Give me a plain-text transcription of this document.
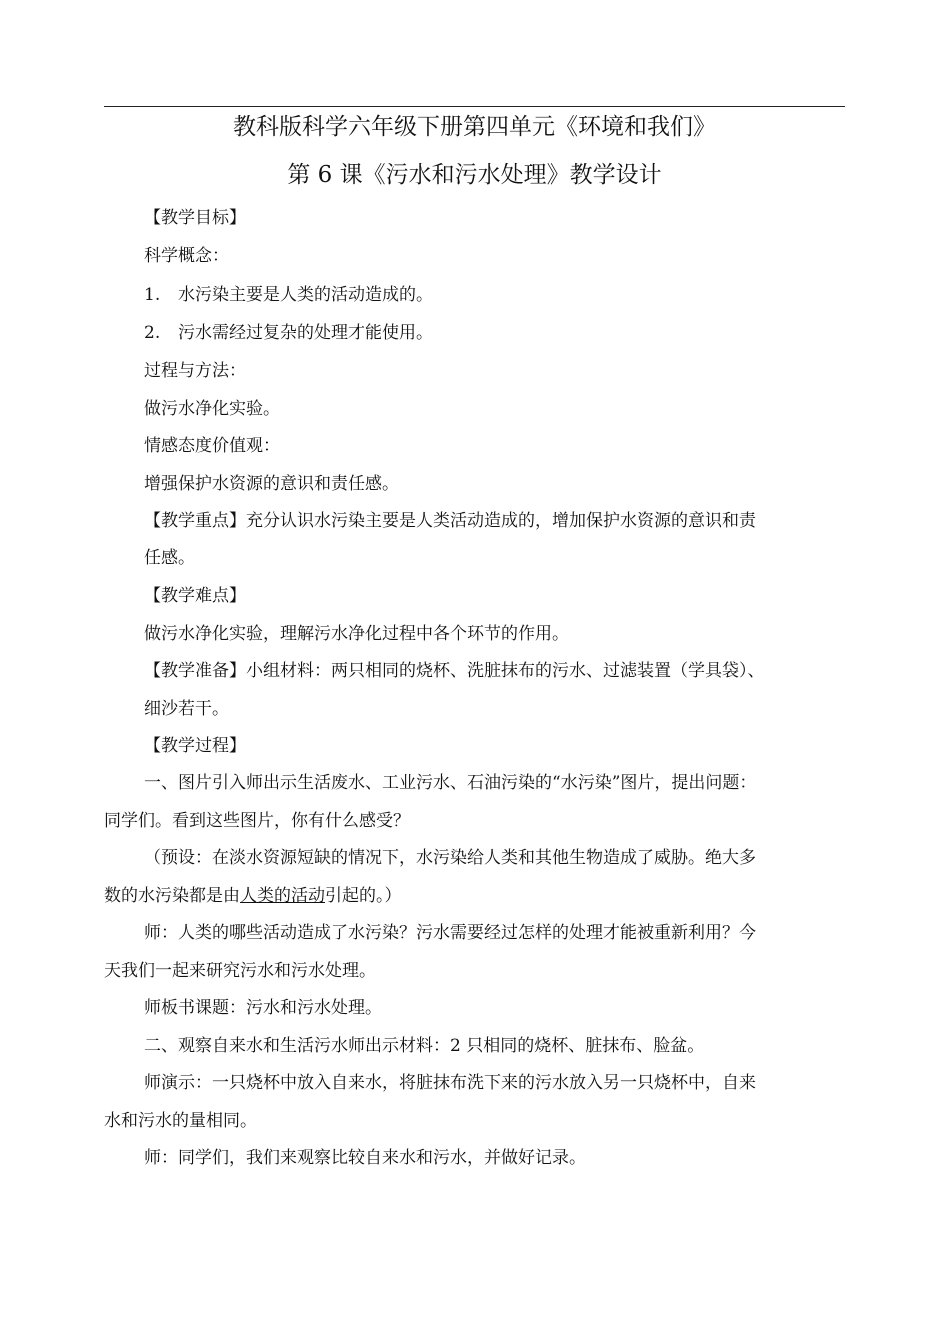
教科版科学六年级下册第四单元《环境和我们》
第 6 课《污水和污水处理》教学设计
【教学目标】
科学概念：
1. 水污染主要是人类的活动造成的。
2. 污水需经过复杂的处理才能使用。
过程与方法：
做污水净化实验。
情感态度价值观：
增强保护水资源的意识和责任感。
【教学重点】充分认识水污染主要是人类活动造成的，增加保护水资源的意识和责
任感。
【教学难点】
做污水净化实验，理解污水净化过程中各个环节的作用。
【教学准备】小组材料：两只相同的烧杯、洗脏抹布的污水、过滤装置（学具袋）、
细沙若干。
【教学过程】
一、图片引入师出示生活废水、工业污水、石油污染的“水污染”图片，提出问题：
同学们。看到这些图片，你有什么感受？
（预设：在淡水资源短缺的情况下，水污染给人类和其他生物造成了威胁。绝大多
数的水污染都是由人类的活动引起的。）
师：人类的哪些活动造成了水污染？污水需要经过怎样的处理才能被重新利用？今
天我们一起来研究污水和污水处理。
师板书课题：污水和污水处理。
二、观察自来水和生活污水师出示材料：2 只相同的烧杯、脏抹布、脸盆。
师演示：一只烧杯中放入自来水，将脏抹布洗下来的污水放入另一只烧杯中，自来
水和污水的量相同。
师：同学们，我们来观察比较自来水和污水，并做好记录。
